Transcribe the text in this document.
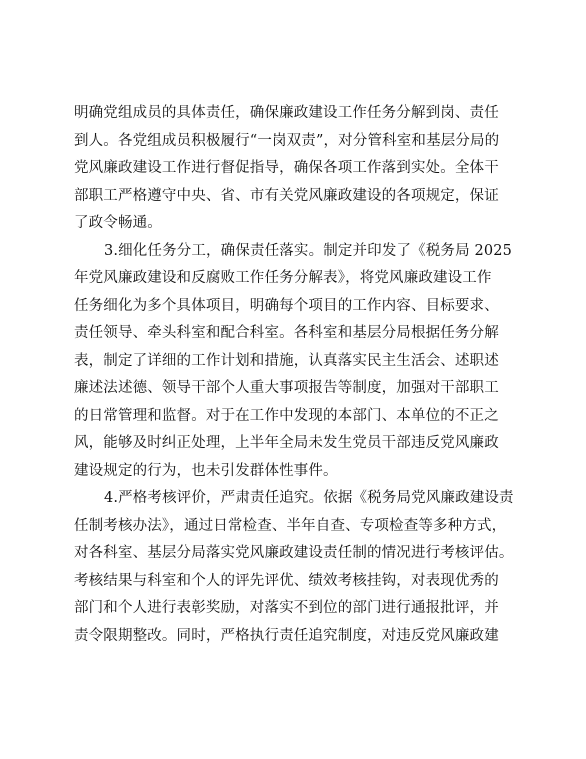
明确党组成员的具体责任，确保廉政建设工作任务分解到岗、责任
到人。各党组成员积极履行“一岗双责”，对分管科室和基层分局的
党风廉政建设工作进行督促指导，确保各项工作落到实处。全体干
部职工严格遵守中央、省、市有关党风廉政建设的各项规定，保证
了政令畅通。
3.细化任务分工，确保责任落实。制定并印发了《税务局 2025
年党风廉政建设和反腐败工作任务分解表》，将党风廉政建设工作
任务细化为多个具体项目，明确每个项目的工作内容、目标要求、
责任领导、牵头科室和配合科室。各科室和基层分局根据任务分解
表，制定了详细的工作计划和措施，认真落实民主生活会、述职述
廉述法述德、领导干部个人重大事项报告等制度，加强对干部职工
的日常管理和监督。对于在工作中发现的本部门、本单位的不正之
风，能够及时纠正处理，上半年全局未发生党员干部违反党风廉政
建设规定的行为，也未引发群体性事件。
4.严格考核评价，严肃责任追究。依据《税务局党风廉政建设责
任制考核办法》，通过日常检查、半年自查、专项检查等多种方式，
对各科室、基层分局落实党风廉政建设责任制的情况进行考核评估。
考核结果与科室和个人的评先评优、绩效考核挂钩，对表现优秀的
部门和个人进行表彰奖励，对落实不到位的部门进行通报批评，并
责令限期整改。同时，严格执行责任追究制度，对违反党风廉政建
